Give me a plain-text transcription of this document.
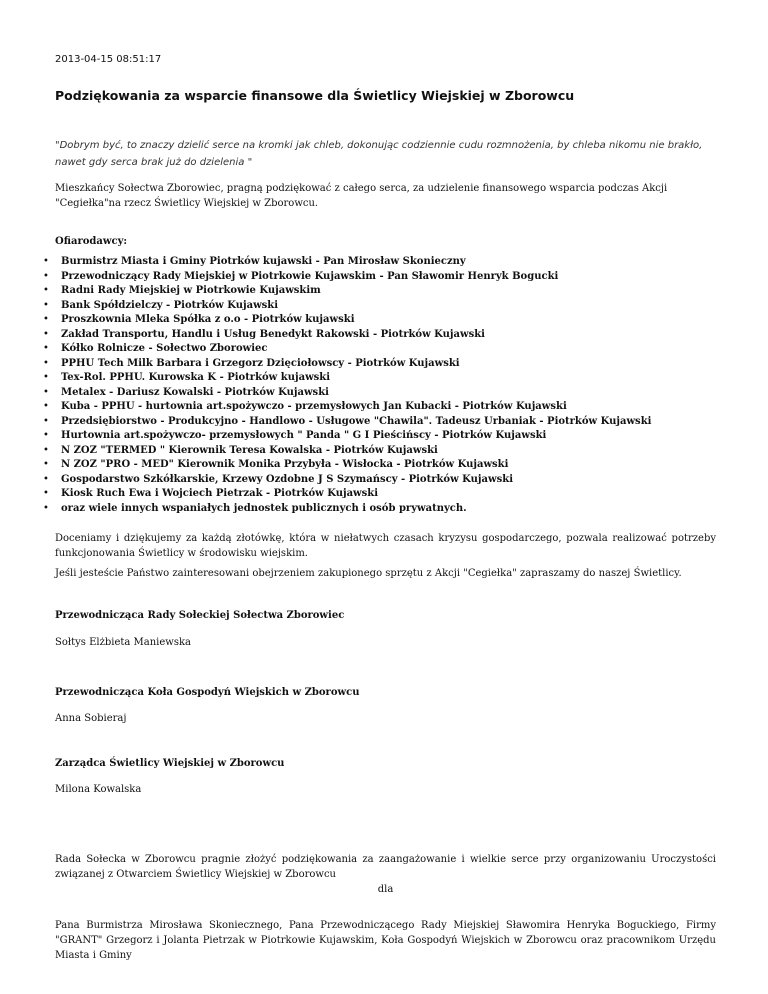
2013-04-15 08:51:17

Podziękowania za wsparcie finansowe dla Świetlicy Wiejskiej w Zborowcu

"Dobrym być, to znaczy dzielić serce na kromki jak chleb, dokonując codziennie cudu rozmnożenia, by chleba nikomu nie brakło, nawet gdy serca brak już do dzielenia "

Mieszkańcy Sołectwa Zborowiec, pragną podziękować z całego serca, za udzielenie finansowego wsparcia podczas Akcji "Cegiełka"na rzecz Świetlicy Wiejskiej w Zborowcu.

Ofiarodawcy:

• Burmistrz Miasta i Gminy Piotrków kujawski - Pan Mirosław Skonieczny
• Przewodniczący Rady Miejskiej w Piotrkowie Kujawskim - Pan Sławomir Henryk Bogucki
• Radni Rady Miejskiej w Piotrkowie Kujawskim
• Bank Spółdzielczy - Piotrków Kujawski
• Proszkownia Mleka Spółka z o.o - Piotrków kujawski
• Zakład Transportu, Handlu i Usług Benedykt Rakowski - Piotrków Kujawski
• Kółko Rolnicze - Sołectwo Zborowiec
• PPHU Tech Milk Barbara i Grzegorz Dzięciołowscy - Piotrków Kujawski
• Tex-Rol. PPHU. Kurowska K - Piotrków kujawski
• Metalex - Dariusz Kowalski - Piotrków Kujawski
• Kuba - PPHU - hurtownia art.spożywczo - przemysłowych Jan Kubacki - Piotrków Kujawski
• Przedsiębiorstwo - Produkcyjno - Handlowo - Usługowe "Chawila". Tadeusz Urbaniak - Piotrków Kujawski
• Hurtownia art.spożywczo- przemysłowych " Panda " G I Pieścińscy - Piotrków Kujawski
• N ZOZ "TERMED " Kierownik Teresa Kowalska - Piotrków Kujawski
• N ZOZ "PRO - MED" Kierownik Monika Przybyła - Wisłocka - Piotrków Kujawski
• Gospodarstwo Szkółkarskie, Krzewy Ozdobne J S Szymańscy - Piotrków Kujawski
• Kiosk Ruch Ewa i Wojciech Pietrzak - Piotrków Kujawski
• oraz wiele innych wspaniałych jednostek publicznych i osób prywatnych.

Doceniamy i dziękujemy za każdą złotówkę, która w niełatwych czasach kryzysu gospodarczego, pozwala realizować potrzeby funkcjonowania Świetlicy w środowisku wiejskim.

Jeśli jesteście Państwo zainteresowani obejrzeniem zakupionego sprzętu z Akcji "Cegiełka" zapraszamy do naszej Świetlicy.

Przewodnicząca Rady Sołeckiej Sołectwa Zborowiec

Sołtys Elżbieta Maniewska

Przewodnicząca Koła Gospodyń Wiejskich w Zborowcu

Anna Sobieraj

Zarządca Świetlicy Wiejskiej w Zborowcu

Milona Kowalska

Rada Sołecka w Zborowcu pragnie złożyć podziękowania za zaangażowanie i wielkie serce przy organizowaniu Uroczystości związanej z Otwarciem Świetlicy Wiejskiej w Zborowcu

dla

Pana Burmistrza Mirosława Skoniecznego, Pana Przewodniczącego Rady Miejskiej Sławomira Henryka Boguckiego, Firmy "GRANT" Grzegorz i Jolanta Pietrzak w Piotrkowie Kujawskim, Koła Gospodyń Wiejskich w Zborowcu oraz pracownikom Urzędu Miasta i Gminy
